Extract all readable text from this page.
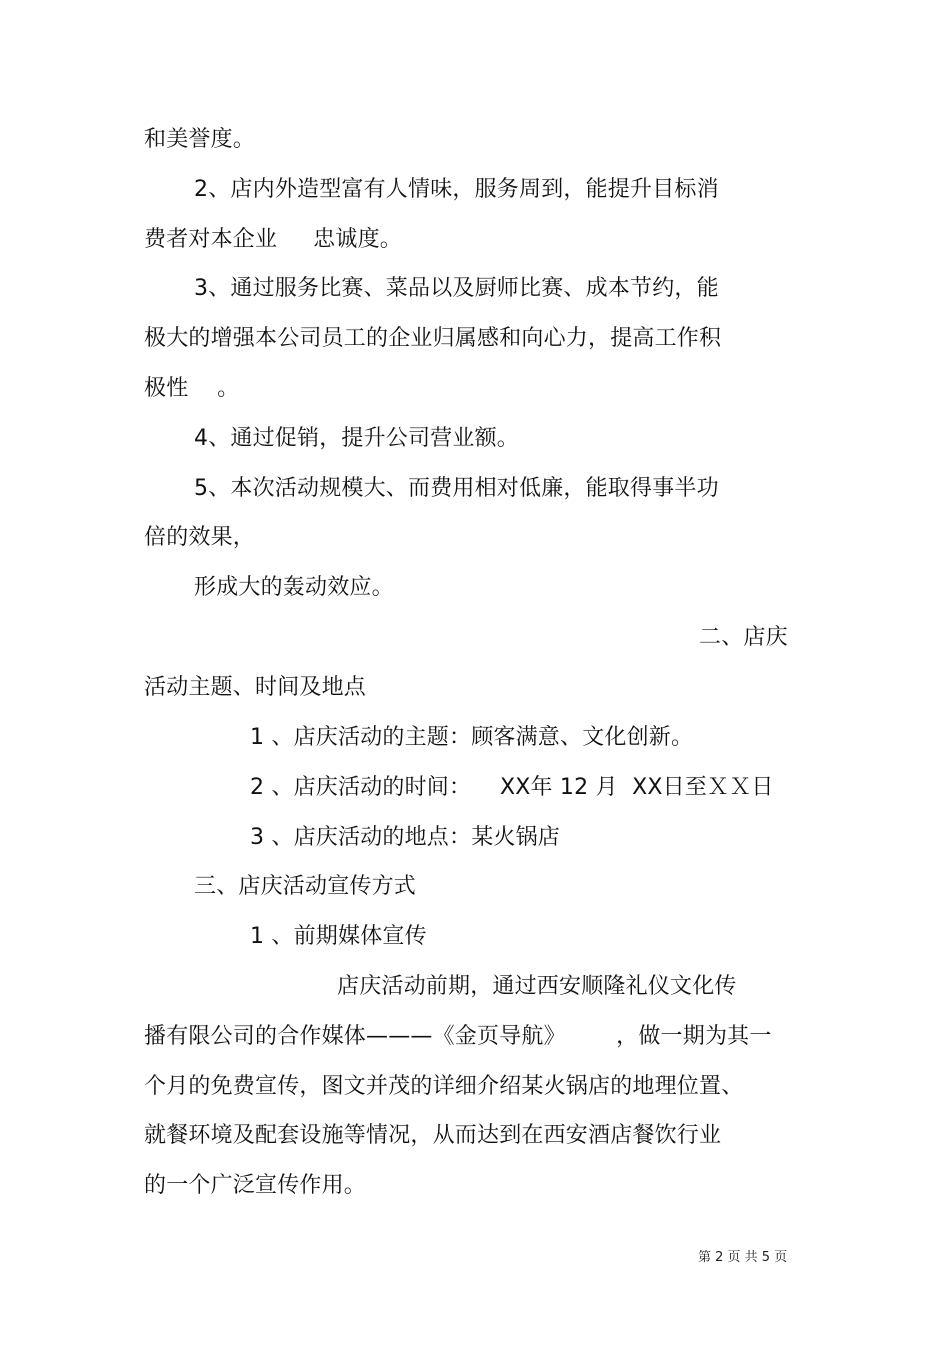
和美誉度。
2、店内外造型富有人情味，服务周到，能提升目标消
费者对本企业     忠诚度。
3、通过服务比赛、菜品以及厨师比赛、成本节约，能
极大的增强本公司员工的企业归属感和向心力，提高工作积
极性    。
4、通过促销，提升公司营业额。
5、本次活动规模大、而费用相对低廉，能取得事半功
倍的效果，
形成大的轰动效应。
二、店庆
活动主题、时间及地点
1 、店庆活动的主题：顾客满意、文化创新。
2 、店庆活动的时间：    XX年 12 月  XX日至ＸＸ日
3 、店庆活动的地点：某火锅店
三、店庆活动宣传方式
1 、前期媒体宣传
店庆活动前期，通过西安顺隆礼仪文化传
播有限公司的合作媒体———《金页导航》       ，做一期为其一
个月的免费宣传，图文并茂的详细介绍某火锅店的地理位置、
就餐环境及配套设施等情况，从而达到在西安酒店餐饮行业
的一个广泛宣传作用。
第 2 页 共 5 页
